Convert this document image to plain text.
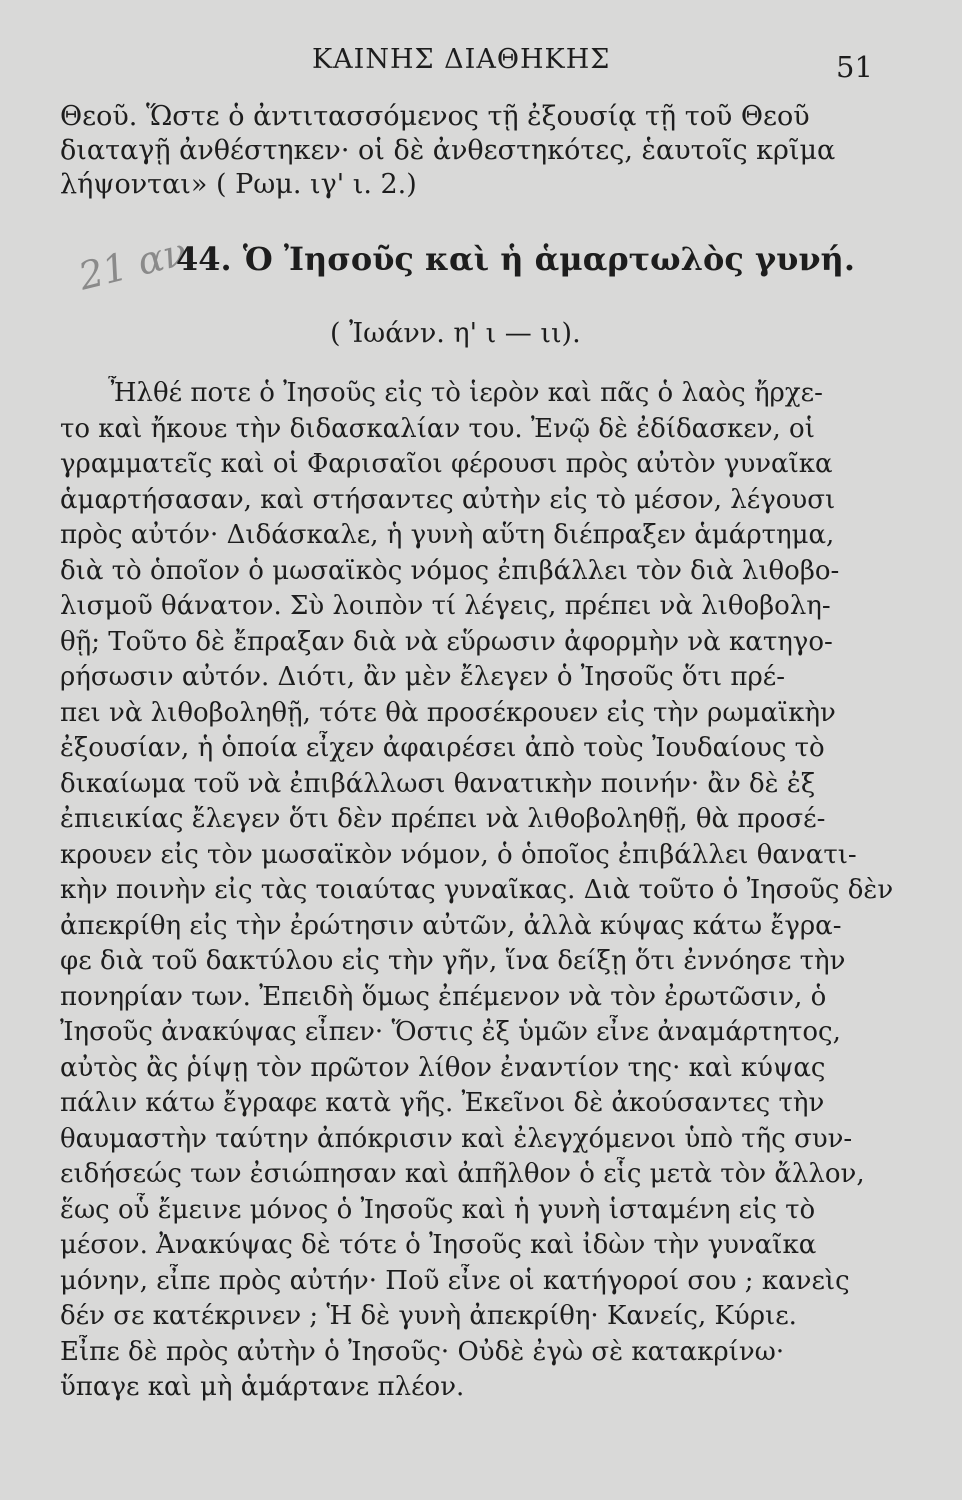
ΚΑΙΝΗΣ ΔΙΑΘΗΚΗΣ	51
Θεοῦ. Ὥστε ὁ ἀντιτασσόμενος τῇ ἐξουσίᾳ τῇ τοῦ Θεοῦ
διαταγῇ ἀνθέστηκεν· οἱ δὲ ἀνθεστηκότες, ἑαυτοῖς κρῖμα
λήψονται» ( Ρωμ. ιγ' ι. 2.)
21 αν
44. Ὁ Ἰησοῦς καὶ ἡ ἁμαρτωλὸς γυνή.
( Ἰωάνν. η' ι — ιι).
Ἦλθέ ποτε ὁ Ἰησοῦς εἰς τὸ ἱερὸν καὶ πᾶς ὁ λαὸς ἤρχε-
το καὶ ἤκουε τὴν διδασκαλίαν του. Ἐνῷ δὲ ἐδίδασκεν, οἱ
γραμματεῖς καὶ οἱ Φαρισαῖοι φέρουσι πρὸς αὐτὸν γυναῖκα
ἁμαρτήσασαν, καὶ στήσαντες αὐτὴν εἰς τὸ μέσον, λέγουσι
πρὸς αὐτόν· Διδάσκαλε, ἡ γυνὴ αὕτη διέπραξεν ἁμάρτημα,
διὰ τὸ ὁποῖον ὁ μωσαϊκὸς νόμος ἐπιβάλλει τὸν διὰ λιθοβο-
λισμοῦ θάνατον. Σὺ λοιπὸν τί λέγεις, πρέπει νὰ λιθοβολη-
θῇ; Τοῦτο δὲ ἔπραξαν διὰ νὰ εὕρωσιν ἀφορμὴν νὰ κατηγο-
ρήσωσιν αὐτόν. Διότι, ἂν μὲν ἔλεγεν ὁ Ἰησοῦς ὅτι πρέ-
πει νὰ λιθοβοληθῇ, τότε θὰ προσέκρουεν εἰς τὴν ρωμαϊκὴν
ἐξουσίαν, ἡ ὁποία εἶχεν ἀφαιρέσει ἀπὸ τοὺς Ἰουδαίους τὸ
δικαίωμα τοῦ νὰ ἐπιβάλλωσι θανατικὴν ποινήν· ἂν δὲ ἐξ
ἐπιεικίας ἔλεγεν ὅτι δὲν πρέπει νὰ λιθοβοληθῇ, θὰ προσέ-
κρουεν εἰς τὸν μωσαϊκὸν νόμον, ὁ ὁποῖος ἐπιβάλλει θανατι-
κὴν ποινὴν εἰς τὰς τοιαύτας γυναῖκας. Διὰ τοῦτο ὁ Ἰησοῦς δὲν
ἀπεκρίθη εἰς τὴν ἐρώτησιν αὐτῶν, ἀλλὰ κύψας κάτω ἔγρα-
φε διὰ τοῦ δακτύλου εἰς τὴν γῆν, ἵνα δείξῃ ὅτι ἐννόησε τὴν
πονηρίαν των. Ἐπειδὴ ὅμως ἐπέμενον νὰ τὸν ἐρωτῶσιν, ὁ
Ἰησοῦς ἀνακύψας εἶπεν· Ὅστις ἐξ ὑμῶν εἶνε ἀναμάρτητος,
αὐτὸς ἂς ῥίψῃ τὸν πρῶτον λίθον ἐναντίον της· καὶ κύψας
πάλιν κάτω ἔγραφε κατὰ γῆς. Ἐκεῖνοι δὲ ἀκούσαντες τὴν
θαυμαστὴν ταύτην ἀπόκρισιν καὶ ἐλεγχόμενοι ὑπὸ τῆς συν-
ειδήσεώς των ἐσιώπησαν καὶ ἀπῆλθον ὁ εἷς μετὰ τὸν ἄλλον,
ἕως οὗ ἔμεινε μόνος ὁ Ἰησοῦς καὶ ἡ γυνὴ ἱσταμένη εἰς τὸ
μέσον. Ἀνακύψας δὲ τότε ὁ Ἰησοῦς καὶ ἰδὼν τὴν γυναῖκα
μόνην, εἶπε πρὸς αὐτήν· Ποῦ εἶνε οἱ κατήγοροί σου ; κανεὶς
δέν σε κατέκρινεν ; Ἡ δὲ γυνὴ ἀπεκρίθη· Κανείς, Κύριε.
Εἶπε δὲ πρὸς αὐτὴν ὁ Ἰησοῦς· Οὐδὲ ἐγὼ σὲ κατακρίνω·
ὕπαγε καὶ μὴ ἁμάρτανε πλέον.
